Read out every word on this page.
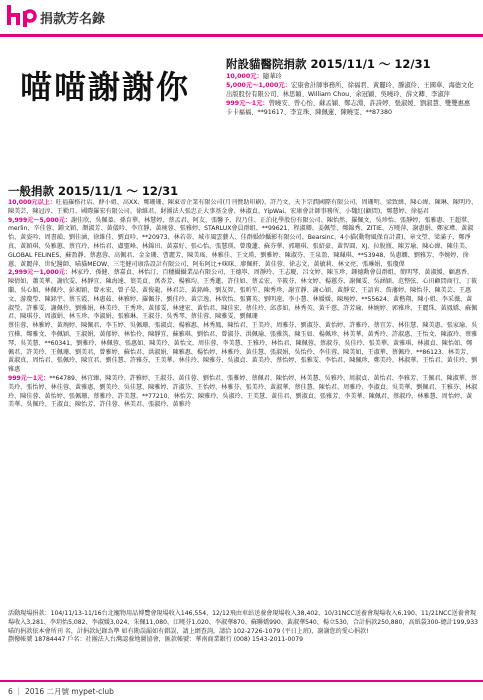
捐款芳名錄
喵喵謝謝你
附設貓醫院捐款 2015/11/1 ～ 12/31

10,000元：隨華玲

5,000元～1,000元：宏康會計師事務所、徐福君、黃麗玲、滕淑伶、王國華、海德文化出版股份有限公司、林思穎、William Chou、余冠穎、吳曉玲、薛文卿、李淑萍

999元～1元：曾曉安、曾心怡、蘇孟穎、鄭志淵、許詩婷、張淑媛、劉淑慧、雙雙惠惠卡卡褔褔、**91617、李宜珠、陳佩蓮、陳曉雯、**87380

一般捐款 2015/11/1 ～ 12/31

10,000元以上：旺福羅格社店、薛小姐、高XX、鄭珊珊、陳東帝企業有限公司(月刊贊助印刷)、許乃文、天下宗潤國際有限公司、周珊明、梁致緯、陳心緯、陳琳、陳明玲、陳美芸、陳冠淳、王勤月、國際羅宏有限公司、徐維君、財團法人張忠正大事基金會、林淑貞、YipWai、宏康會計師事務所、小魏紅(顧問)、鄭慧婷、徐福君

9,999元～5,000元：謝佳欣、吳佩蓁、孫育華、林慧婷、蔡孟君、阿友、張馨予、段乃佳、正泊化學股份有限公司、陳怡然、羅佩文、吳珍怡、張靜婷、張雅惠、王超羣、merlin、辛佳蓉、鍾文穎、顏淑芳、黃儀吟、李宜靜、黃琬蓉、張雅婷、STARLUX會員群組、**99621、程淑卿、姜佩瑩、鄭錦秀、ZITIE、方曉萍、謝惠娟、鄭家瑋、黃淑怡、黃姿吟、周書韻、劉佳涵、徐維佳、劉貞吟、**20973、林若蒂、城市風雲藝人、佳群婚紗攝影有限公司、Bearsinc、4小貓(動物風保育計畫)、章文瑩、梁滿子、鄭淨真、黃穎琪、吳雅蕙、蔡宜玲、林怡君、盧聖峰、林錦田、黃嘉好、張心怡、張慧瑛、曾瓊蓮、蘇芬華、郭珊琪、張紹豪、黃智圓、XJ、拉脫瓶、陳芳瑜、陳心緯、陳佳美、GLOBAL FELINES、蘇盈靜、蔡惠蓉、高佩君、金金珊、曹麗芳、陳美瑤、林雅佳、王文瑛、劉雅婷、陳淑芬、王泉盈、陳珮琪、**53948、吳惠嫻、劉雅芳、李婉婷、徐蕙、黃麗萍、世紀醫師、喵貓MEOW、三宅健司康浩設計有限公司、阿布阿比+咪咪、廖佩軒、黃佳蓉、徐志文、黃敏莉、林文亮、張琳娟、張瓊偉

2,999元～1,000元：林家玲、孫健、蔡嘉貞、林怡汀、百穗攝攝業品有限公司、王德寧、周靜玲、王志慶、呂文婷、陳玉珍、鍾德勳會員群組、簡明琴、黃淑媛、顧惠香、陳倩如、蕭美華、謝欣雯、林靜宜、陳海達、葉美貞、萬杏芳、楊雅均、王秀蓮、許佳如、蔡孟宏、辛筱芬、林文婷、楊蕙芬、謝佩雯、吳涵穎、范整弦、心田顧問商行、丁筱蘭、吳心穎、林佩玲、彭昶穎、曾永宏、曾子晏、黃俊龍、林君芸、黃銘峰、劉友智、張昕笙、陳秀珍、謝宜靜、謝心穎、黃靜安、王語宵、詹藩婷、陳怡芬、陳美芸、王惠文、游瓊瑩、陳銘宇、蔡玉霞、林惠茹、林雅婷、羅佩芬、劉佳玲、黃宗逸、林欣怡、張寶英、劉明遠、李小慧、林媛媛、陳琬婷、**55624、黃楷翔、陳小姐、李采薇、黃淑瑩、許雅雯、謝佩伶、劉雅娟、林美玲、王秀珍、黃郁雯、林建宏、黃怡君、陳佳宏、蔡佳玲、邱彥如、林秀英、黃千慈、許芳瑜、林婉婷、郭雅珍、王麗珠、黃鳳嬌、蘇佩君、陳琪芬、周淑娟、林玉珍、李淑娟、張雅琳、王淑芬、吳秀琴、蔡佳蓉、陳雅雯、劉佩珊

蔡佳蓉、林雅婷、黃琬婷、陳佩君、李玉婷、吳佩珊、張淑貞、楊雅惠、林秀鳳、陳怡君、王美玲、周雅芬、劉淑芬、黃怡婷、許雅玲、蔡宜芳、林佳慧、陳美惠、張家瑜、吳宜樺、鄭雅文、李佩穎、王淑娟、黃郁婷、林怡伶、陳靜宜、蘇雅琪、劉怡君、曾淑芬、洪佩瑜、張雅筑、陳玉如、楊佩珍、林美華、黃秀玲、許淑惠、王怡文、陳淑玲、蔡雅琴、吳美慧、**60341、劉雅玲、林佩蓉、張惠如、陳美玲、黃怡文、周佳蓉、李美慧、王雅玲、林怡君、陳佩蓉、蔡淑芬、吳佳玲、張美華、黃雅琪、林淑貞、陳怡如、鄭佩君、許美玲、王佩珊、劉美君、曾雅婷、蘇怡君、洪淑娟、陳雅惠、楊怡婷、林雅玲、黃佳慧、張淑娟、吳怡伶、李佳蓉、陳美如、王淑華、蔡佩玲、**86123、林美芳、黃淑真、周怡君、張佩玲、陳宜君、劉佳慧、許雅芬、王美華、林佳玲、陳雅芬、吳淑貞、黃美玲、蔡怡婷、張雅雯、李怡君、陳佩珍、鄭美玲、林淑華、王怡君、黃佳玲、劉雅惠

999元～1元：**64789、林宜臻、陳美玲、許雅婷、王淑芬、黃佳蓉、劉怡君、張雅婷、蔡佩君、陳怡婷、林美慧、吳雅玲、周淑貞、黃怡君、李雅芳、王佩君、陳淑華、蔡美玲、張怡婷、林佳蓉、黃雅惠、劉美玲、吳佳慧、陳雅婷、許淑芬、王怡婷、林雅芬、張美玲、黃淑華、蔡佳慧、陳怡君、周雅玲、李淑貞、吳美華、劉佩君、王雅芬、林淑玲、陳佳蓉、黃怡婷、張佩珊、蔡雅玲、許美慧、**77210、林怡芳、陳雅玲、吳淑玲、王美慧、黃佳君、劉淑貞、張雅芳、李美華、陳佩君、蔡淑玲、林雅慧、周怡婷、黃美華、吳佩玲、王淑貞、陳怡芳、許佳蓉、林美君、張淑玲、黃雅玲

活動現場捐款：104/11/13-11/16台北寵物用品博覽會現場收入146,554、12/12飛由車站送養會現場收入38,402、10/31NCC送養會現場收入6,190、11/21NCC送養會現場收入3,281、李玥怡5,082、李淑媛3,024、朱佩11,080、江曉芬1,020、李淑華870、蘇聯嬌990、黃淑華540、楊立530，合計捐款250,880，高紙袋300-總計199,933

喵的捐款依本會所刊 名，計捐款紀錄為準 如有勘誤漏如有錯誤，請上網查詢，請洽 102-2726-1079 (平日上班)，謝謝您的愛心捐款!

劃撥帳號 18784447 戶名：社團法人台灣認養地圖協會，匯款帳號：華南商業銀行 (008) 1543-2011-0079

6 ｜ 2016 二月號 mypet-club
